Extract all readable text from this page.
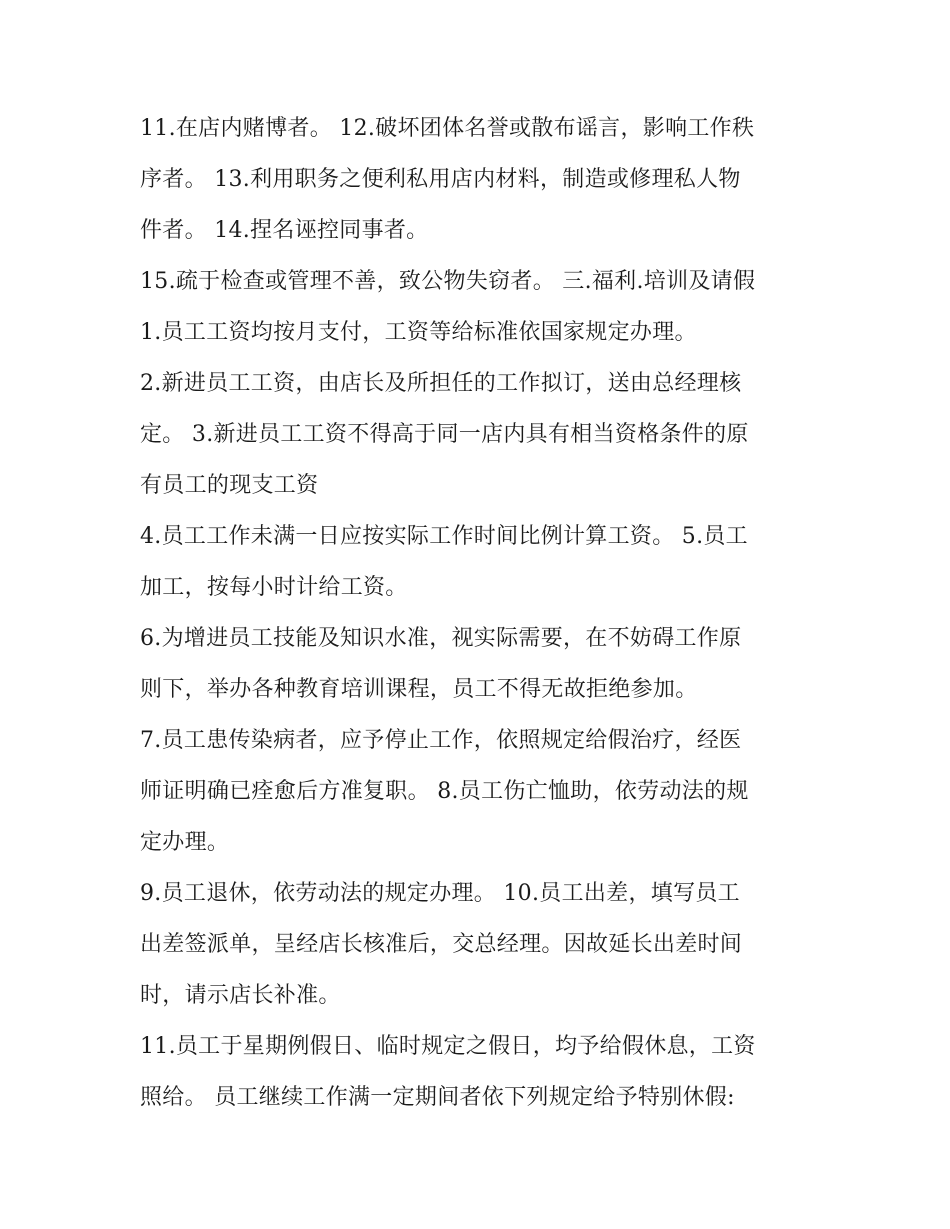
11.在店内赌博者。 12.破坏团体名誉或散布谣言，影响工作秩
序者。 13.利用职务之便利私用店内材料，制造或修理私人物
件者。 14.捏名诬控同事者。
15.疏于检查或管理不善，致公物失窃者。 三.福利.培训及请假
1.员工工资均按月支付，工资等给标准依国家规定办理。
2.新进员工工资，由店长及所担任的工作拟订，送由总经理核
定。 3.新进员工工资不得高于同一店内具有相当资格条件的原
有员工的现支工资
4.员工工作未满一日应按实际工作时间比例计算工资。 5.员工
加工，按每小时计给工资。
6.为增进员工技能及知识水准，视实际需要，在不妨碍工作原
则下，举办各种教育培训课程，员工不得无故拒绝参加。
7.员工患传染病者，应予停止工作，依照规定给假治疗，经医
师证明确已痊愈后方准复职。 8.员工伤亡恤助，依劳动法的规
定办理。
9.员工退休，依劳动法的规定办理。 10.员工出差，填写员工
出差签派单，呈经店长核准后，交总经理。因故延长出差时间
时，请示店长补准。
11.员工于星期例假日、临时规定之假日，均予给假休息，工资
照给。 员工继续工作满一定期间者依下列规定给予特别休假:
